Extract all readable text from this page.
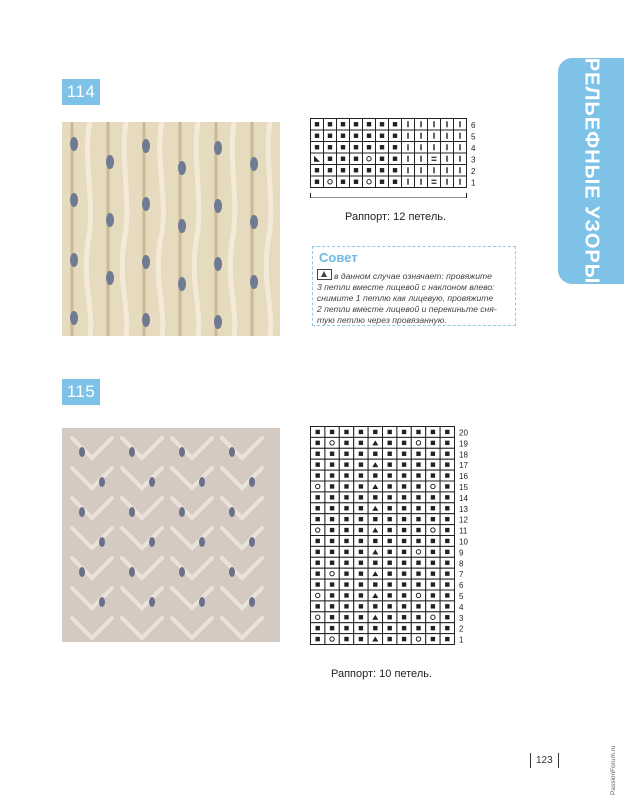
114
6
5
4
3
2
1
Раппорт: 12 петель.
Совет
в данном случае означает: провяжите
3 петли вместе лицевой с наклоном влево:
снимите 1 петлю как лицевую, провяжите
2 петли вместе лицевой и перекиньте сня-
тую петлю через провязанную.
115
20
19
18
17
16
15
14
13
12
11
10
9
8
7
6
5
4
3
2
1
Раппорт: 10 петель.
РЕЛЬЕФНЫЕ УЗОРЫ
123	PassionForum.ru
